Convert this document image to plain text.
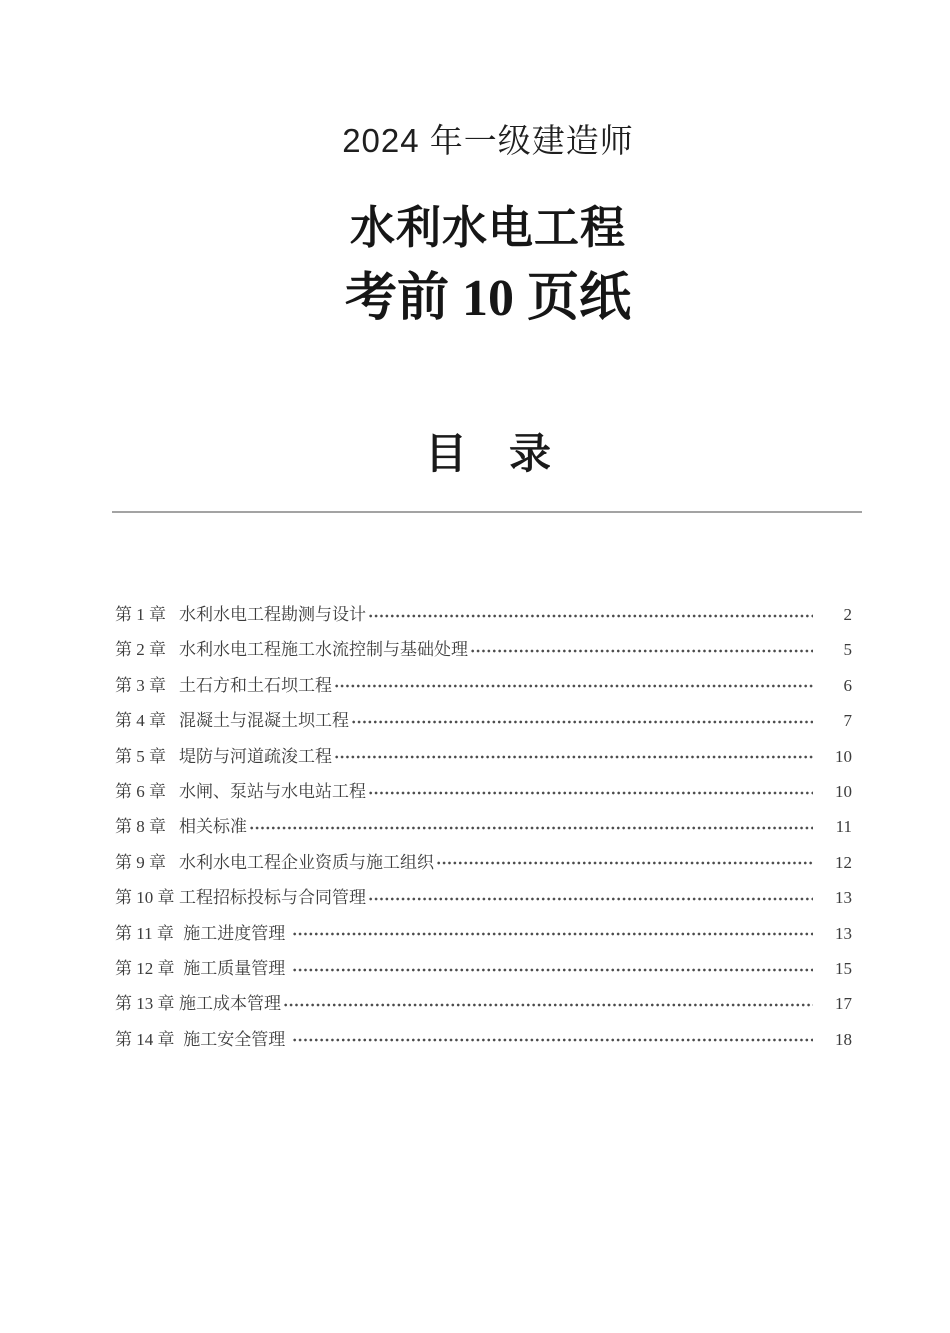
2024 年一级建造师
水利水电工程
考前 10 页纸
目　录
第 1 章 水利水电工程勘测与设计	2
第 2 章 水利水电工程施工水流控制与基础处理	5
第 3 章 土石方和土石坝工程	6
第 4 章 混凝土与混凝土坝工程	7
第 5 章 堤防与河道疏浚工程	10
第 6 章 水闸、泵站与水电站工程	10
第 8 章 相关标准	11
第 9 章 水利水电工程企业资质与施工组织	12
第 10 章 工程招标投标与合同管理	13
第 11 章 施工进度管理	13
第 12 章 施工质量管理	15
第 13 章 施工成本管理	17
第 14 章 施工安全管理	18
